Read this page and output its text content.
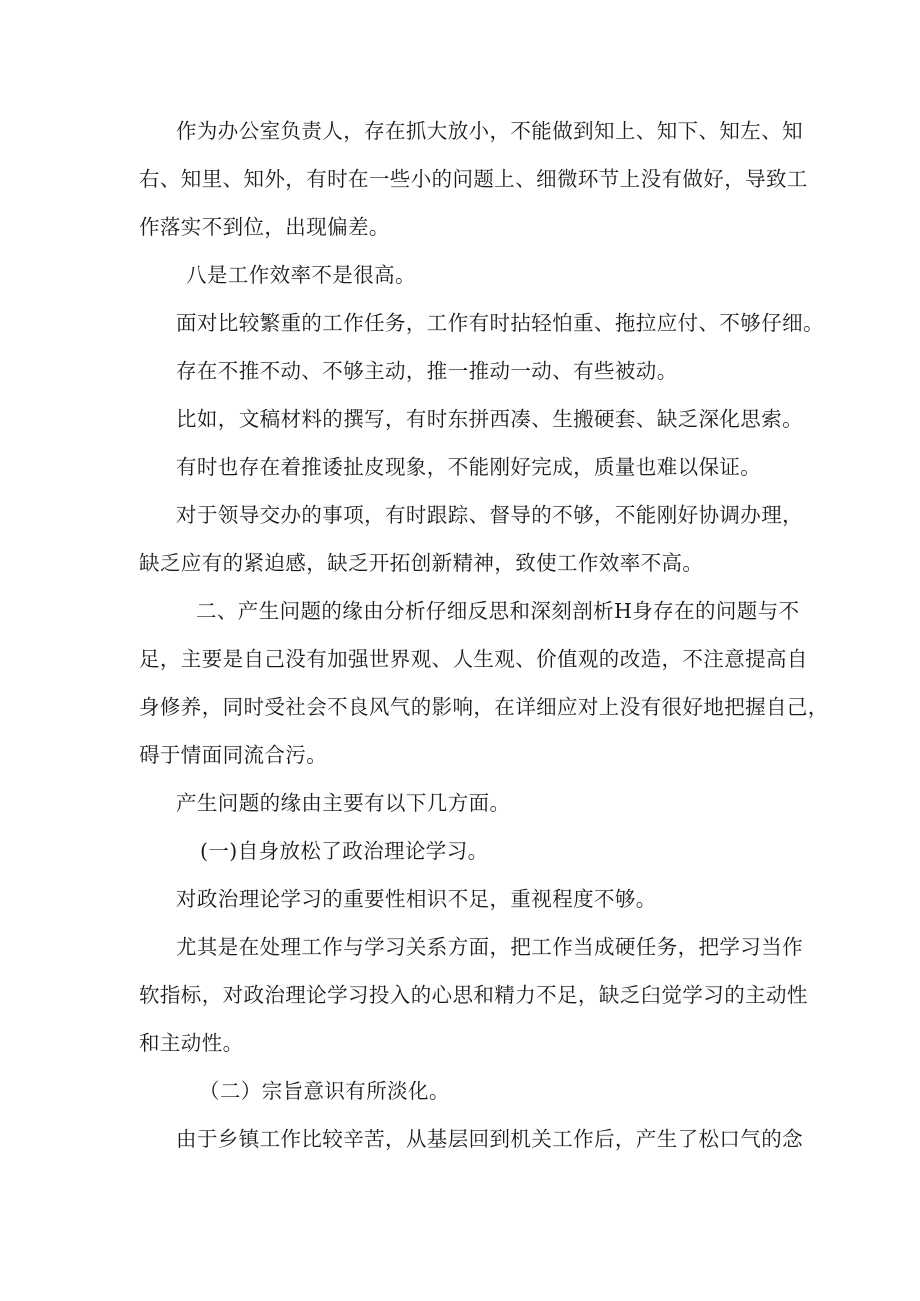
作为办公室负责人，存在抓大放小，不能做到知上、知下、知左、知
右、知里、知外，有时在一些小的问题上、细微环节上没有做好，导致工
作落实不到位，出现偏差。
八是工作效率不是很高。
面对比较繁重的工作任务，工作有时拈轻怕重、拖拉应付、不够仔细。
存在不推不动、不够主动，推一推动一动、有些被动。
比如，文稿材料的撰写，有时东拼西凑、生搬硬套、缺乏深化思索。
有时也存在着推诿扯皮现象，不能刚好完成，质量也难以保证。
对于领导交办的事项，有时跟踪、督导的不够，不能刚好协调办理，
缺乏应有的紧迫感，缺乏开拓创新精神，致使工作效率不高。
二、产生问题的缘由分析仔细反思和深刻剖析H身存在的问题与不
足，主要是自己没有加强世界观、人生观、价值观的改造，不注意提高自
身修养，同时受社会不良风气的影响，在详细应对上没有很好地把握自己，
碍于情面同流合污。
产生问题的缘由主要有以下几方面。
(一)自身放松了政治理论学习。
对政治理论学习的重要性相识不足，重视程度不够。
尤其是在处理工作与学习关系方面，把工作当成硬任务，把学习当作
软指标，对政治理论学习投入的心思和精力不足，缺乏臼觉学习的主动性
和主动性。
（二）宗旨意识有所淡化。
由于乡镇工作比较辛苦，从基层回到机关工作后，产生了松口气的念
